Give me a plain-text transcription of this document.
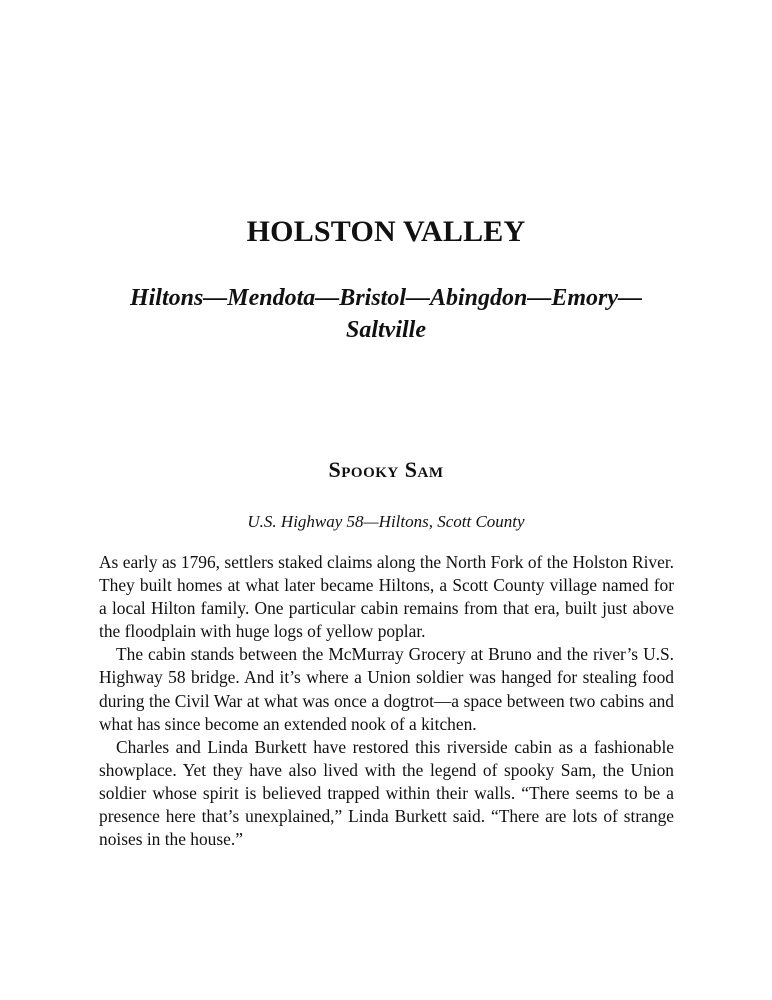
HOLSTON VALLEY
Hiltons—Mendota—Bristol—Abingdon—Emory—Saltville
Spooky Sam
U.S. Highway 58—Hiltons, Scott County

As early as 1796, settlers staked claims along the North Fork of the Holston River. They built homes at what later became Hiltons, a Scott County village named for a local Hilton family. One particular cabin remains from that era, built just above the floodplain with huge logs of yellow poplar.

The cabin stands between the McMurray Grocery at Bruno and the river’s U.S. Highway 58 bridge. And it’s where a Union soldier was hanged for stealing food during the Civil War at what was once a dogtrot—a space between two cabins and what has since become an extended nook of a kitchen.

Charles and Linda Burkett have restored this riverside cabin as a fashionable showplace. Yet they have also lived with the legend of spooky Sam, the Union soldier whose spirit is believed trapped within their walls. “There seems to be a presence here that’s unexplained,” Linda Burkett said. “There are lots of strange noises in the house.”
